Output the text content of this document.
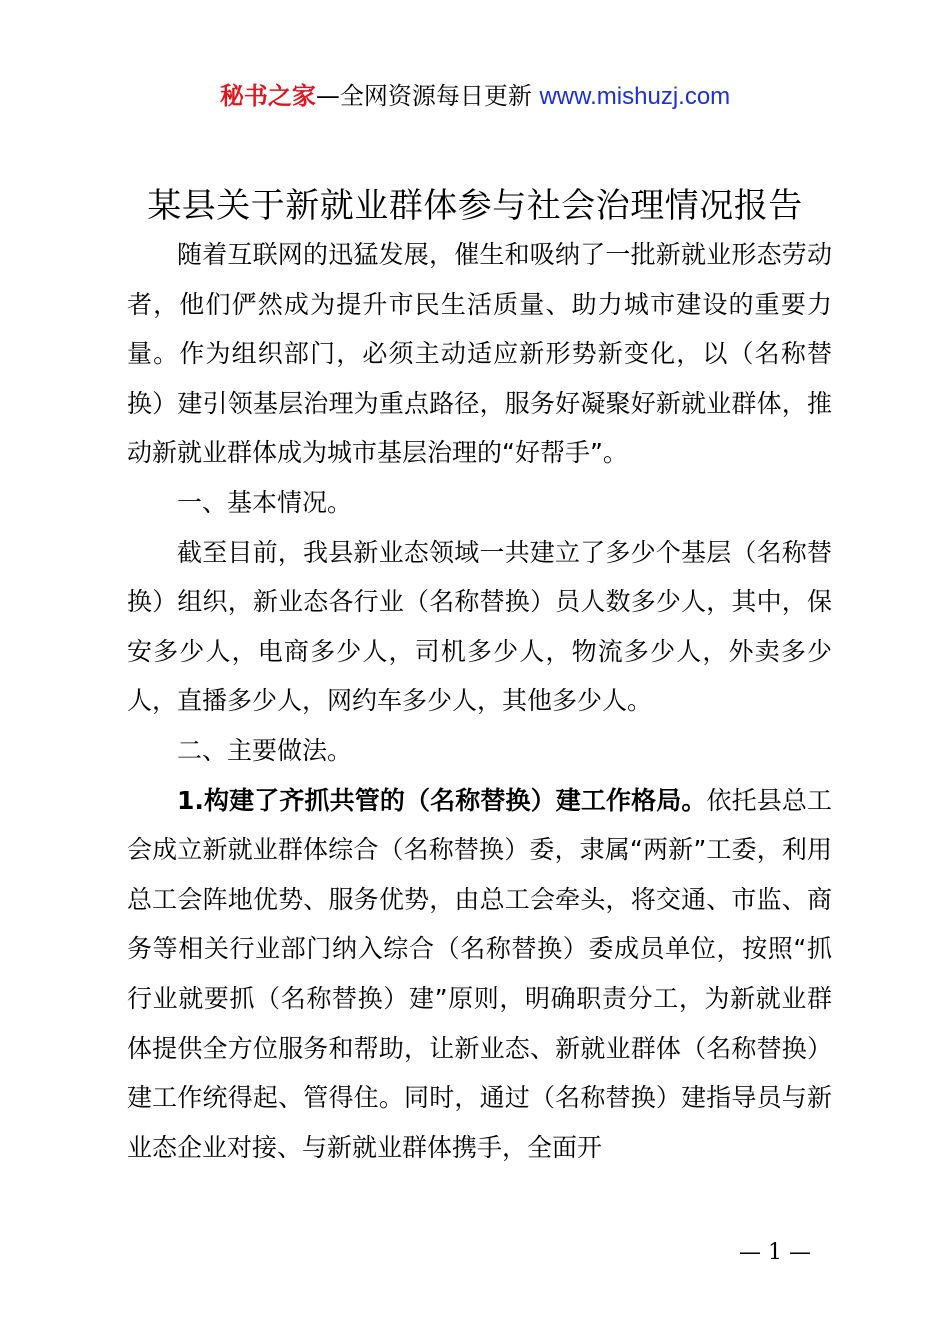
秘书之家—全网资源每日更新 www.mishuzj.com
某县关于新就业群体参与社会治理情况报告

随着互联网的迅猛发展，催生和吸纳了一批新就业形态劳动者，他们俨然成为提升市民生活质量、助力城市建设的重要力量。作为组织部门，必须主动适应新形势新变化，以（名称替换）建引领基层治理为重点路径，服务好凝聚好新就业群体，推动新就业群体成为城市基层治理的“好帮手”。

一、基本情况。

截至目前，我县新业态领域一共建立了多少个基层（名称替换）组织，新业态各行业（名称替换）员人数多少人，其中，保安多少人，电商多少人，司机多少人，物流多少人，外卖多少人，直播多少人，网约车多少人，其他多少人。

二、主要做法。

1.构建了齐抓共管的（名称替换）建工作格局。依托县总工会成立新就业群体综合（名称替换）委，隶属“两新”工委，利用总工会阵地优势、服务优势，由总工会牵头，将交通、市监、商务等相关行业部门纳入综合（名称替换）委成员单位，按照“抓行业就要抓（名称替换）建”原则，明确职责分工，为新就业群体提供全方位服务和帮助，让新业态、新就业群体（名称替换）建工作统得起、管得住。同时，通过（名称替换）建指导员与新业态企业对接、与新就业群体携手，全面开

— 1 —
